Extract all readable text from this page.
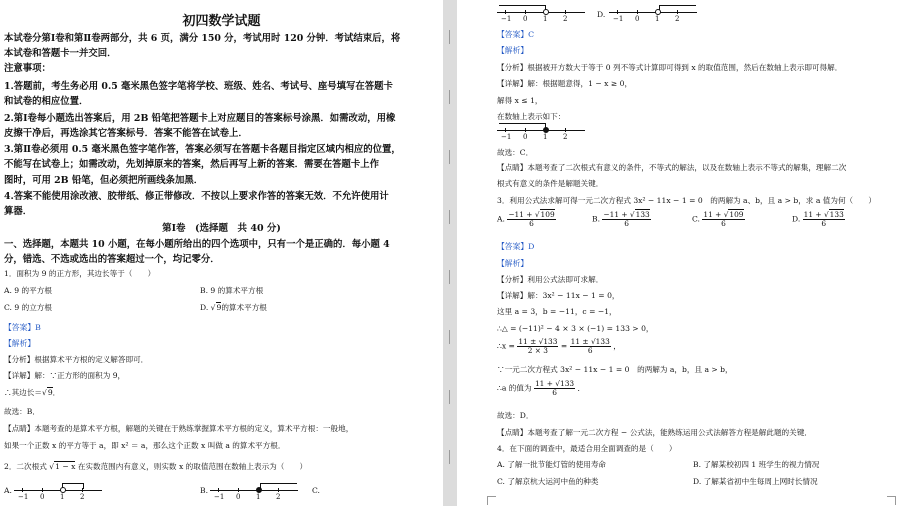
初四数学试题
本试卷分第Ⅰ卷和第Ⅱ卷两部分，共 6 页，满分 150 分，考试用时 120 分钟．考试结束后，将
本试卷和答题卡一并交回．
注意事项：
1.答题前，考生务必用 0.5 毫米黑色签字笔将学校、班级、姓名、考试号、座号填写在答题卡
和试卷的相应位置．
2.第Ⅰ卷每小题选出答案后，用 2B 铅笔把答题卡上对应题目的答案标号涂黑．如需改动，用橡
皮擦干净后，再选涂其它答案标号．答案不能答在试卷上．
3.第Ⅱ卷必须用 0.5 毫米黑色签字笔作答，答案必须写在答题卡各题目指定区域内相应的位置，
不能写在试卷上；如需改动，先划掉原来的答案，然后再写上新的答案．需要在答题卡上作
图时，可用 2B 铅笔，但必须把所画线条加黑．
4.答案不能使用涂改液、胶带纸、修正带修改．不按以上要求作答的答案无效．不允许使用计
算器．
第Ⅰ卷　(选择题　共 40 分)
一、选择题，本题共 10 小题，在每小题所给出的四个选项中，只有一个是正确的．每小题 4
分，错选、不选或选出的答案超过一个，均记零分．
1．面积为 9 的正方形，其边长等于（　　）
A. 9 的平方根	B. 9 的算术平方根
C. 9 的立方根	D. √9的算术平方根
【答案】B
【解析】
【分析】根据算术平方根的定义解答即可．
【详解】解：∵正方形的面积为 9，
∴其边长＝√9．
故选：B．
【点睛】本题考查的是算术平方根，解题的关键在于熟练掌握算术平方根的定义，算术平方根：一般地，
如果一个正数 x 的平方等于 a，即 x² ＝ a，那么这个正数 x 叫做 a 的算术平方根．
2．二次根式 √1 − x 在实数范围内有意义，则实数 x 的取值范围在数轴上表示为（　　）
A.
−1 0 1 2
B.
−1 0 1 2
C.
−1 0 1 2	D. −1 0 1 2
【答案】C
【解析】
【分析】根据被开方数大于等于 0 列不等式计算即可得到 x 的取值范围，然后在数轴上表示即可得解．
【详解】解：根据题意得，1 − x ≥ 0，
解得 x ≤ 1，
在数轴上表示如下：
−1 0 1 2
故选：C．
【点睛】本题考查了二次根式有意义的条件，不等式的解法，以及在数轴上表示不等式的解集，理解二次
根式有意义的条件是解题关键．
3．利用公式法求解可得一元二次方程式 3x² − 11x − 1 = 0　的两解为 a、b，且 a > b，求 a 值为何（　　）
A. $\frac{-11 + √109}{6}$	B. $\frac{-11 + √133}{6}$	C. $\frac{11 + √109}{6}$	D. $\frac{11 + √133}{6}$
【答案】D
【解析】
【分析】利用公式法即可求解．
【详解】解：3x² − 11x − 1 = 0，
这里 a = 3，b = −11，c = −1，
∴△ = (−11)² − 4 × 3 × (−1) = 133 > 0，
∴x = $\frac{11 \pm √133}{2 \times 3} = \frac{11 \pm √133}{6}$ ，
∵一元二次方程式 3x² − 11x − 1 = 0　的两解为 a，b，且 a > b，
∴a 的值为 $\frac{11 + √133}{6}$ ．
故选：D．
【点睛】本题考查了解一元二次方程 − 公式法，能熟练运用公式法解答方程是解此题的关键．
4．在下面的调查中，最适合用全面调查的是（　　）
A. 了解一批节能灯管的使用寿命	B. 了解某校初四 1 班学生的视力情况
C. 了解京杭大运河中鱼的种类	D. 了解某省初中生每周上网时长情况
